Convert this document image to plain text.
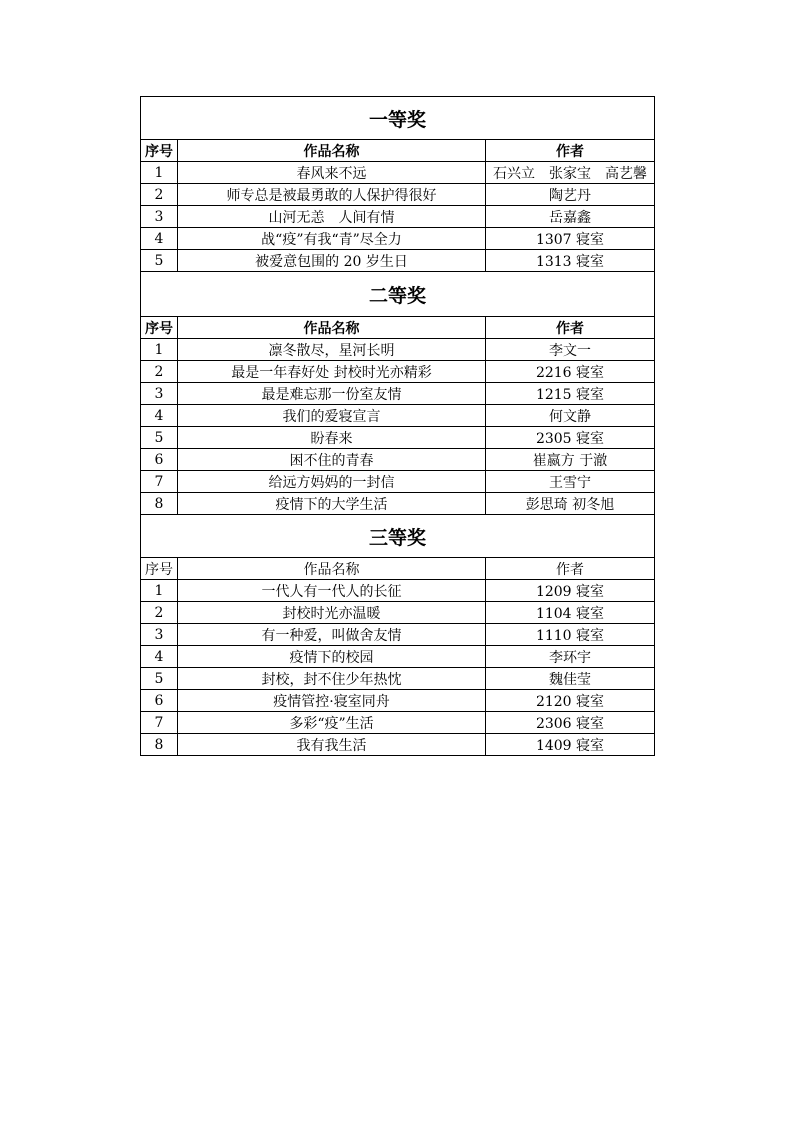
一等奖		
序号	作品名称	作者
1	春风来不远	石兴立　张家宝　高艺馨
2	师专总是被最勇敢的人保护得很好	陶艺丹
3	山河无恙　人间有情	岳嘉鑫
4	战“疫”有我“青”尽全力	1307 寝室
5	被爱意包围的 20 岁生日	1313 寝室
二等奖		
序号	作品名称	作者
1	凛冬散尽，星河长明	李文一
2	最是一年春好处 封校时光亦精彩	2216 寝室
3	最是难忘那一份室友情	1215 寝室
4	我们的爱寝宣言	何文静
5	盼春来	2305 寝室
6	困不住的青春	崔嬴方 于澈
7	给远方妈妈的一封信	王雪宁
8	疫情下的大学生活	彭思琦 初冬旭
三等奖		
序号	作品名称	作者
1	一代人有一代人的长征	1209 寝室
2	封校时光亦温暖	1104 寝室
3	有一种爱，叫做舍友情	1110 寝室
4	疫情下的校园	李环宇
5	封校，封不住少年热忱	魏佳莹
6	疫情管控·寝室同舟	2120 寝室
7	多彩“疫”生活	2306 寝室
8	我有我生活	1409 寝室
